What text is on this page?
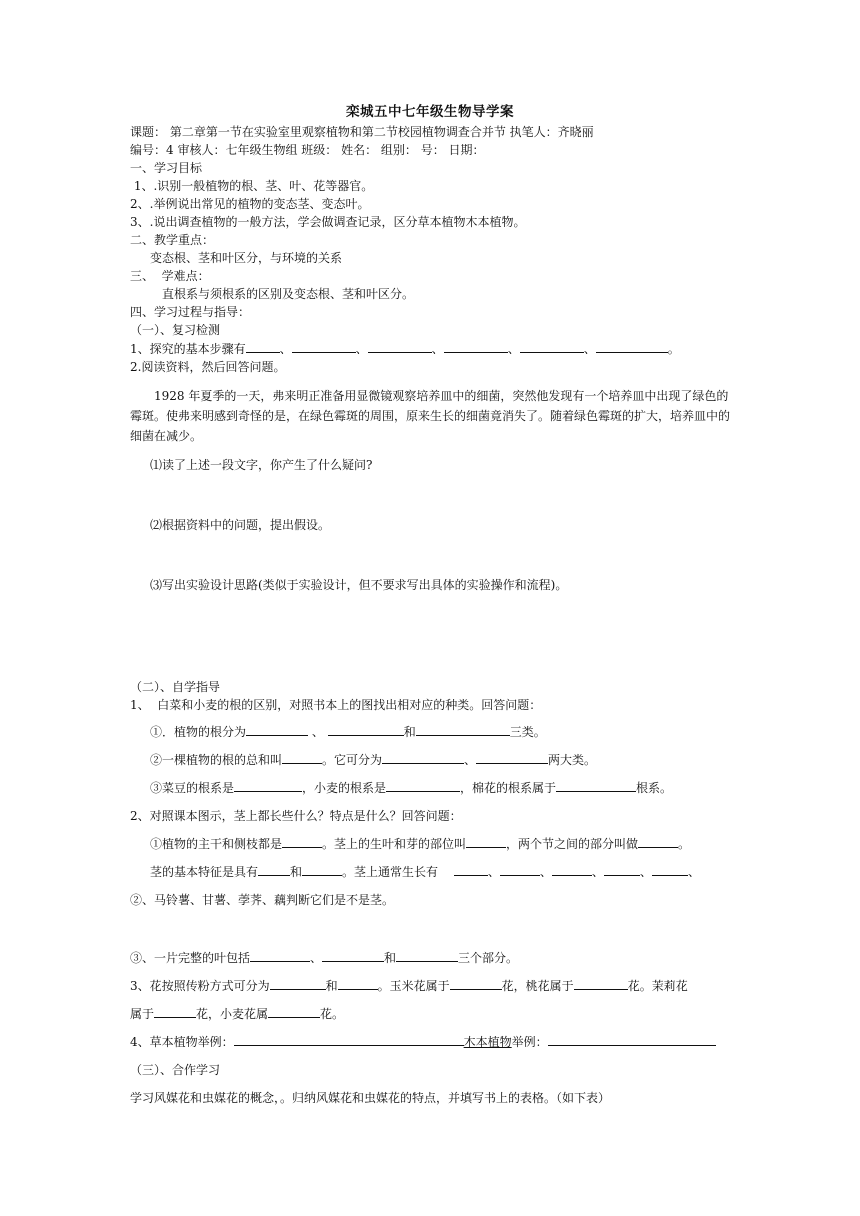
栾城五中七年级生物导学案
课题： 第二章第一节在实验室里观察植物和第二节校园植物调查合并节 执笔人：齐晓丽
编号：4 审核人：七年级生物组 班级： 姓名： 组别： 号： 日期：
一、学习目标
1、.识别一般植物的根、茎、叶、花等器官。
2、.举例说出常见的植物的变态茎、变态叶。
3、.说出调查植物的一般方法，学会做调查记录，区分草本植物木本植物。
二、教学重点：
变态根、茎和叶区分，与环境的关系
三、  学难点：
直根系与须根系的区别及变态根、茎和叶区分。
四、学习过程与指导：
（一）、复习检测
1、探究的基本步骤有	、	、	、	、	、	。
2.阅读资料，然后回答问题。
1928 年夏季的一天，弗来明正准备用显微镜观察培养皿中的细菌，突然他发现有一个培养皿中出现了绿色的霉斑。使弗来明感到奇怪的是，在绿色霉斑的周围，原来生长的细菌竟消失了。随着绿色霉斑的扩大，培养皿中的细菌在减少。
⑴读了上述一段文字，你产生了什么疑问?
⑵根据资料中的问题，提出假设。
⑶写出实验设计思路(类似于实验设计，但不要求写出具体的实验操作和流程)。
（二）、自学指导
1、  白菜和小麦的根的区别，对照书本上的图找出相对应的种类。回答问题：
①．植物的根分为	、	和	三类。
②一棵植物的根的总和叫	。它可分为	、	两大类。
③菜豆的根系是	，小麦的根系是	，棉花的根系属于	根系。
2、对照课本图示，茎上都长些什么？特点是什么？回答问题：
①植物的主干和侧枝都是	。茎上的生叶和芽的部位叫	，两个节之间的部分叫做	。
茎的基本特征是具有	和	。茎上通常生长有	、	、	、	、	、
②、马铃薯、甘薯、荸荠、藕判断它们是不是茎。
③、一片完整的叶包括	、	和	三个部分。
3、花按照传粉方式可分为	和	。玉米花属于	花，桃花属于	花。茉莉花
属于	花，小麦花属	花。
4、草本植物举例：	木本植物举例：
（三）、合作学习
学习风媒花和虫媒花的概念，。归纳风媒花和虫媒花的特点，并填写书上的表格。（如下表）
